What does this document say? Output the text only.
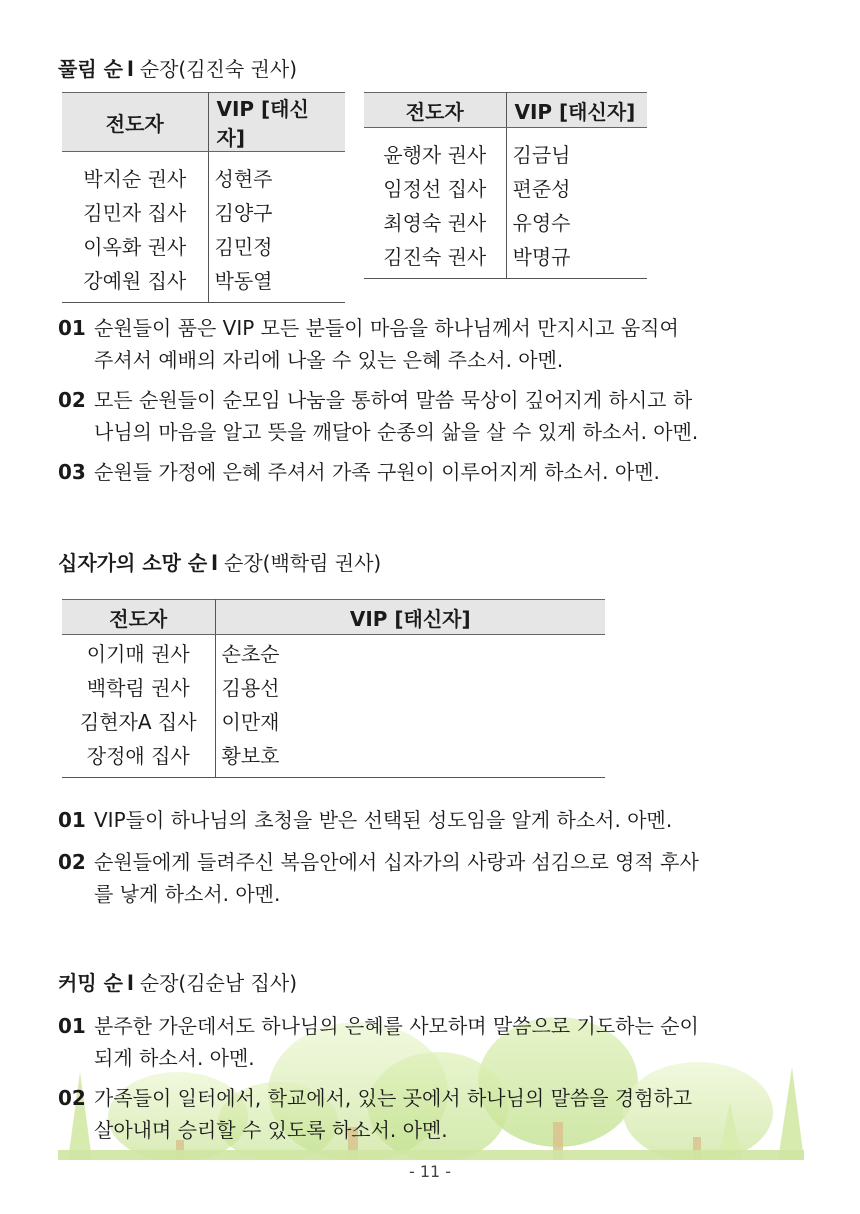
풀림 순 l 순장(김진숙 권사)
전도자	VIP [태신자]
박지순 권사	성현주
김민자 집사	김양구
이옥화 권사	김민정
강예원 집사	박동열
전도자	VIP [태신자]
윤행자 권사	김금님
임정선 집사	편준성
최영숙 권사	유영수
김진숙 권사	박명규
01 순원들이 품은 VIP 모든 분들이 마음을 하나님께서 만지시고 움직여
주셔서 예배의 자리에 나올 수 있는 은혜 주소서. 아멘.
02 모든 순원들이 순모임 나눔을 통하여 말씀 묵상이 깊어지게 하시고 하
나님의 마음을 알고 뜻을 깨달아 순종의 삶을 살 수 있게 하소서. 아멘.
03 순원들 가정에 은혜 주셔서 가족 구원이 이루어지게 하소서. 아멘.
십자가의 소망 순 l 순장(백학림 권사)
전도자	VIP [태신자]
이기매 권사	손초순
백학림 권사	김용선
김현자A 집사	이만재
장정애 집사	황보호
01 VIP들이 하나님의 초청을 받은 선택된 성도임을 알게 하소서. 아멘.
02 순원들에게 들려주신 복음안에서 십자가의 사랑과 섬김으로 영적 후사
를 낳게 하소서. 아멘.
커밍 순 l 순장(김순남 집사)
01 분주한 가운데서도 하나님의 은혜를 사모하며 말씀으로 기도하는 순이
되게 하소서. 아멘.
02 가족들이 일터에서, 학교에서, 있는 곳에서 하나님의 말씀을 경험하고
살아내며 승리할 수 있도록 하소서. 아멘.
- 11 -
